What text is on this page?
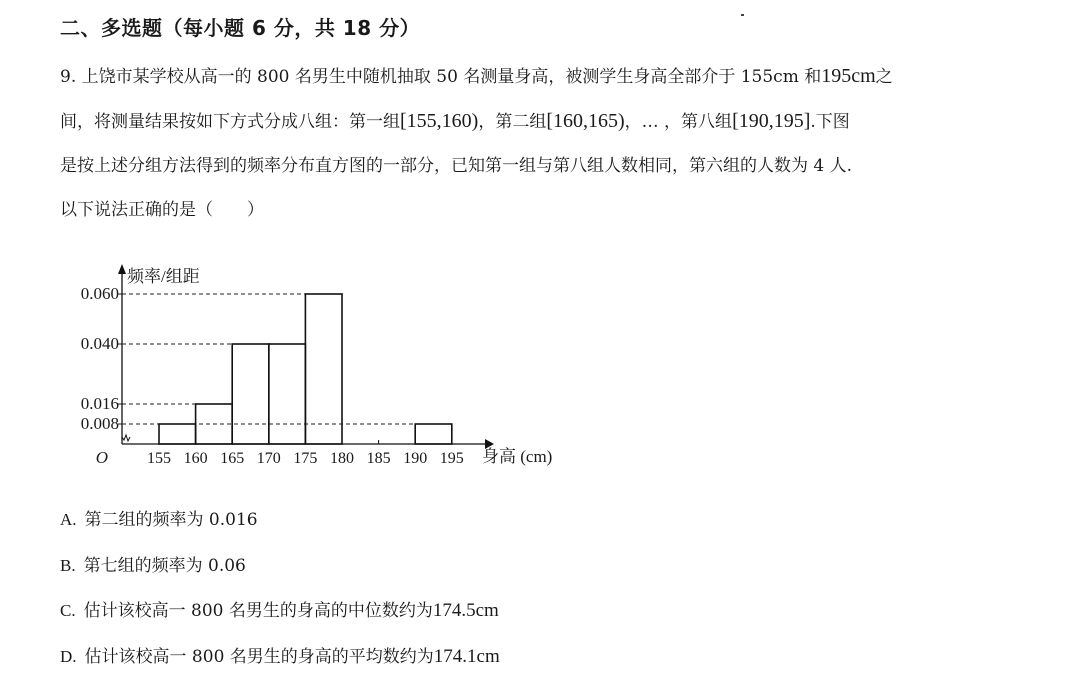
二、多选题（每小题 6 分，共 18 分）
9. 上饶市某学校从高一的 800 名男生中随机抽取 50 名测量身高，被测学生身高全部介于 155cm 和195cm之
间，将测量结果按如下方式分成八组：第一组[155,160)，第二组[160,165)，… ，第八组[190,195].下图
是按上述分组方法得到的频率分布直方图的一部分，已知第一组与第八组人数相同，第六组的人数为 4 人.
以下说法正确的是（　　）
0.008
0.016
0.040
0.060
155 160 165 170 175 180 185 190 195
频率/组距
身高 (cm)
O
A. 第二组的频率为 0.016
B. 第七组的频率为 0.06
C. 估计该校高一 800 名男生的身高的中位数约为174.5cm
D. 估计该校高一 800 名男生的身高的平均数约为174.1cm
